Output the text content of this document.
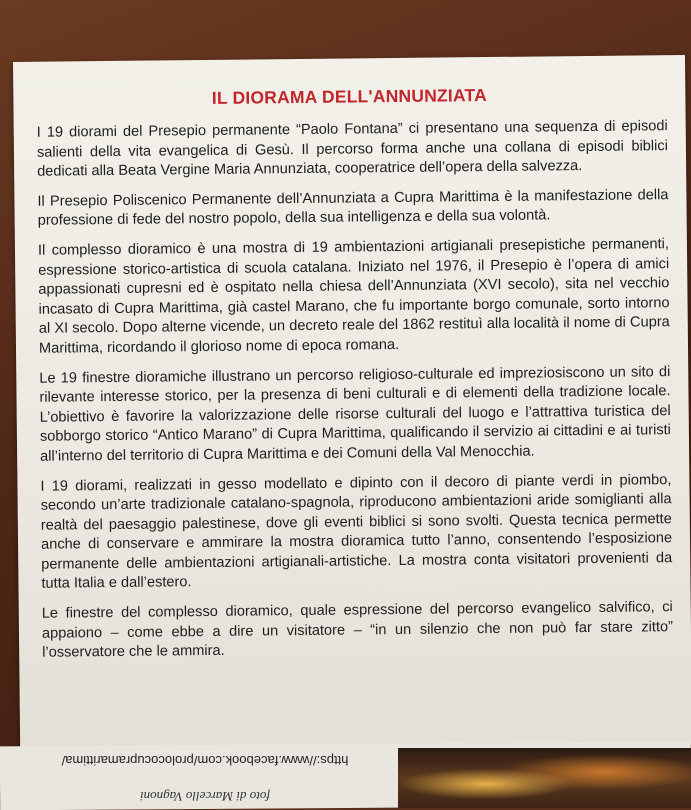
IL DIORAMA DELL'ANNUNZIATA

I 19 diorami del Presepio permanente “Paolo Fontana” ci presentano una sequenza di episodi salienti della vita evangelica di Gesù. Il percorso forma anche una collana di episodi biblici dedicati alla Beata Vergine Maria Annunziata, cooperatrice dell’opera della salvezza.

Il Presepio Poliscenico Permanente dell’Annunziata a Cupra Marittima è la manifestazione della professione di fede del nostro popolo, della sua intelligenza e della sua volontà.

Il complesso dioramico è una mostra di 19 ambientazioni artigianali presepistiche permanenti, espressione storico-artistica di scuola catalana. Iniziato nel 1976, il Presepio è l’opera di amici appassionati cupresni ed è ospitato nella chiesa dell’Annunziata (XVI secolo), sita nel vecchio incasato di Cupra Marittima, già castel Marano, che fu importante borgo comunale, sorto intorno al XI secolo. Dopo alterne vicende, un decreto reale del 1862 restituì alla località il nome di Cupra Marittima, ricordando il glorioso nome di epoca romana.

Le 19 finestre dioramiche illustrano un percorso religioso-culturale ed impreziosiscono un sito di rilevante interesse storico, per la presenza di beni culturali e di elementi della tradizione locale. L’obiettivo è favorire la valorizzazione delle risorse culturali del luogo e l’attrattiva turistica del sobborgo storico “Antico Marano” di Cupra Marittima, qualificando il servizio ai cittadini e ai turisti all’interno del territorio di Cupra Marittima e dei Comuni della Val Menocchia.

I 19 diorami, realizzati in gesso modellato e dipinto con il decoro di piante verdi in piombo, secondo un’arte tradizionale catalano-spagnola, riproducono ambientazioni aride somiglianti alla realtà del paesaggio palestinese, dove gli eventi biblici si sono svolti. Questa tecnica permette anche di conservare e ammirare la mostra dioramica tutto l’anno, consentendo l’esposizione permanente delle ambientazioni artigianali-artistiche. La mostra conta visitatori provenienti da tutta Italia e dall’estero.

Le finestre del complesso dioramico, quale espressione del percorso evangelico salvifico, ci appaiono – come ebbe a dire un visitatore – “in un silenzio che non può far stare zitto” l’osservatore che le ammira.

foto di Marcello Vagnoni
https://www.facebook.com/prolococupramarittima/
